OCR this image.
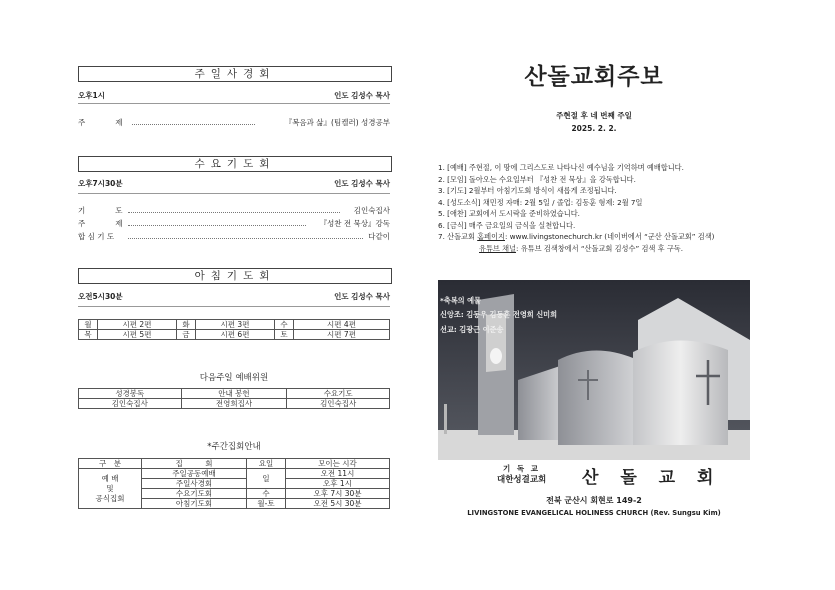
주일사경회
오후1시	인도 김성수 목사
주　　　　제	『복음과 삶』(팀켈러) 성경공부
수요기도회
오후7시30분	인도 김성수 목사
기　　　　도	김인숙집사
주　　　　제	『성찬 전 묵상』강독
합 심 기 도	다같이
아침기도회
오전5시30분	인도 김성수 목사
월	시편 2편	화	시편 3편	수	시편 4편
목	시편 5편	금	시편 6편	토	시편 7편
다음주일 예배위원
성경봉독	안내 봉헌	수요기도
김인숙집사	전영희집사	김인숙집사
*주간집회안내
구　분	집　　　회	요일	모이는 시각
예 배
및
공식집회	주일공동예배	일	오전 11시
	주일사경회		오후 1시
	수요기도회	수	오후 7시 30분
	아침기도회	월-토	오전 5시 30분
산돌교회주보
주현절 후 네 번째 주일
2025. 2. 2.
1. [예배] 주현절, 이 땅에 그리스도로 나타나신 예수님을 기억하며 예배합니다.
2. [모임] 돌아오는 수요일부터 『성찬 전 묵상』을 강독합니다.
3. [기도] 2월부터 아침기도회 방식이 새롭게 조정됩니다.
4. [성도소식] 채민정 자매: 2월 5일 / 졸업: 김동훈 형제: 2월 7일
5. [애찬] 교회에서 도시락을 준비하였습니다.
6. [금식] 매주 금요일의 금식을 실천합니다.
7. 산돌교회 홈페이지: www.livingstonechurch.kr (네이버에서 “군산 산돌교회” 검색)
유튜브 채널: 유튜브 검색창에서 “산돌교회 김성수” 검색 후 구독.
*축복의 예물
신앙조: 김동우 김동훈 전영희 신미희
선교: 김광근 이준송
기 독 교
대한성결교회 산 돌 교 회
전북 군산시 회현로 149-2
LIVINGSTONE EVANGELICAL HOLINESS CHURCH (Rev. Sungsu Kim)
